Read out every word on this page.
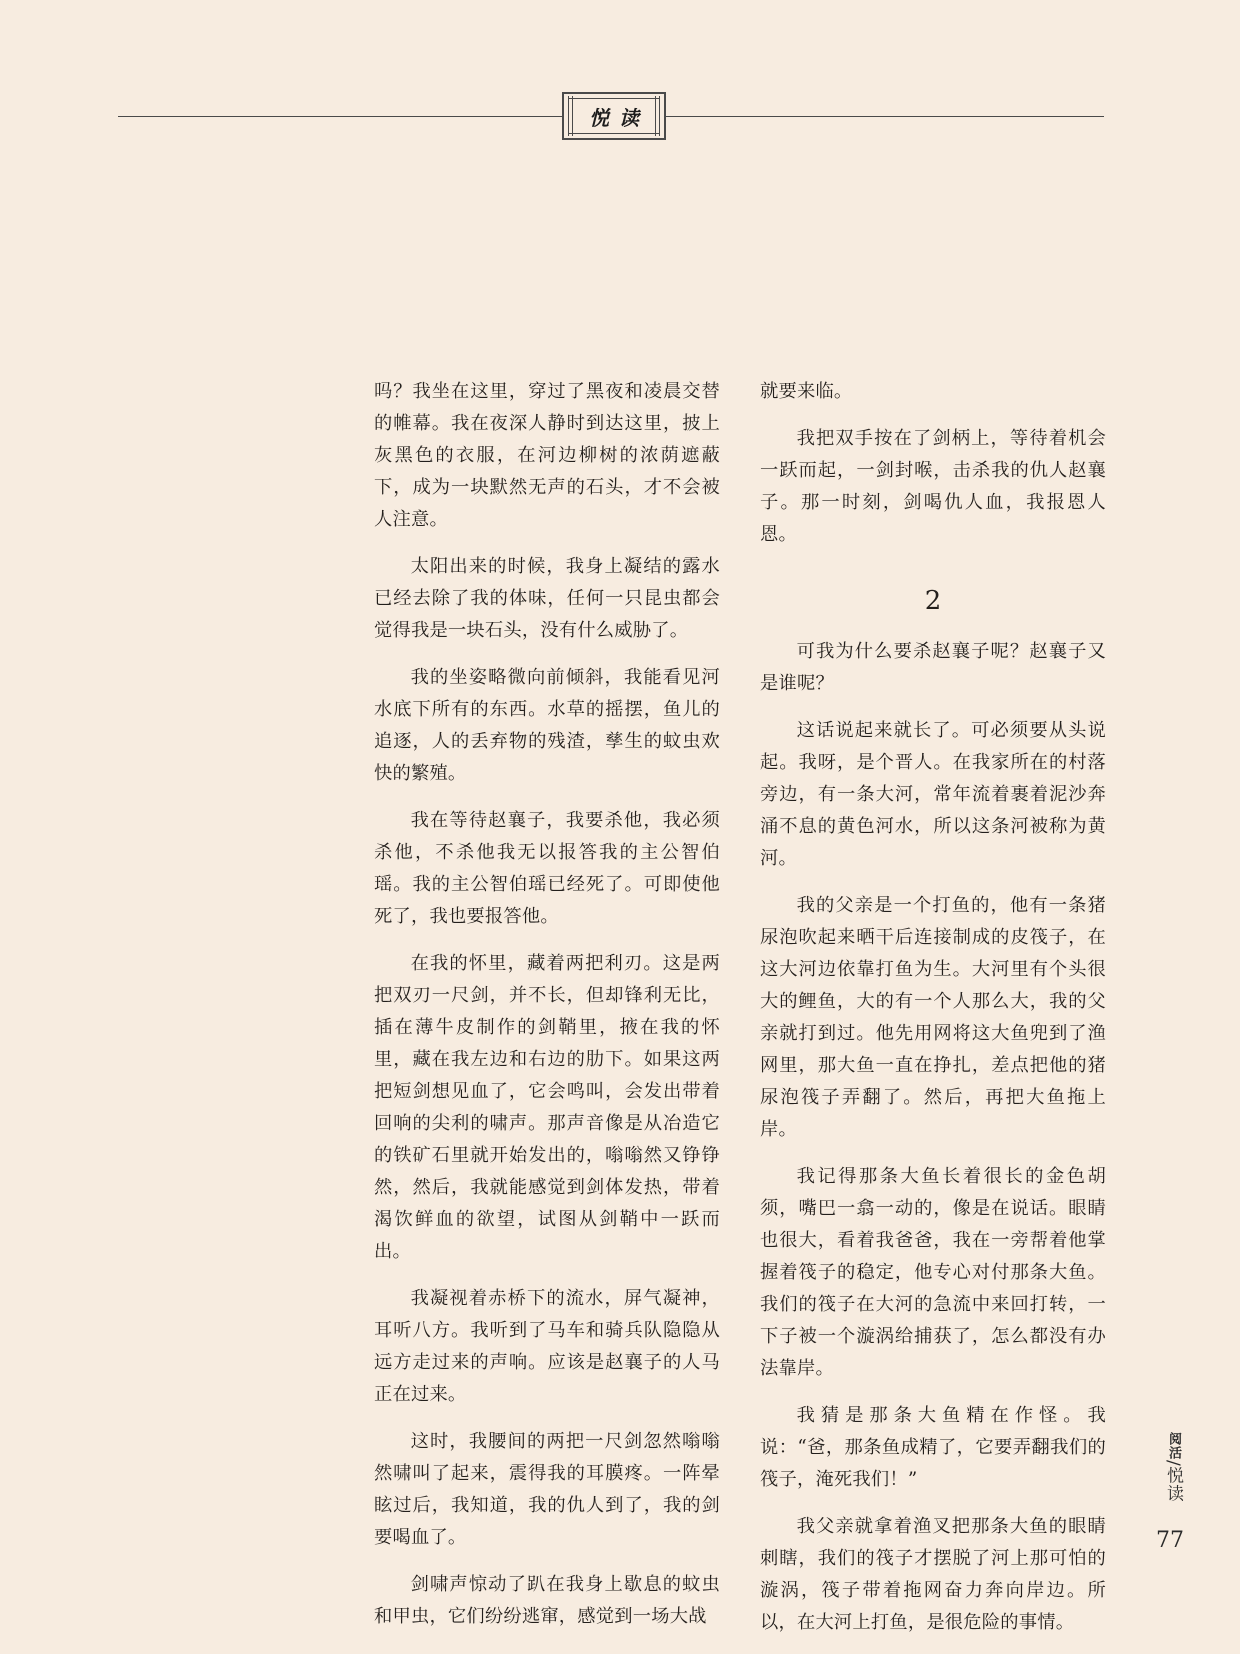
悦读

吗？我坐在这里，穿过了黑夜和凌晨交替的帷幕。我在夜深人静时到达这里，披上灰黑色的衣服，在河边柳树的浓荫遮蔽下，成为一块默然无声的石头，才不会被人注意。

太阳出来的时候，我身上凝结的露水已经去除了我的体味，任何一只昆虫都会觉得我是一块石头，没有什么威胁了。

我的坐姿略微向前倾斜，我能看见河水底下所有的东西。水草的摇摆，鱼儿的追逐，人的丢弃物的残渣，孳生的蚊虫欢快的繁殖。

我在等待赵襄子，我要杀他，我必须杀他，不杀他我无以报答我的主公智伯瑶。我的主公智伯瑶已经死了。可即使他死了，我也要报答他。

在我的怀里，藏着两把利刃。这是两把双刃一尺剑，并不长，但却锋利无比，插在薄牛皮制作的剑鞘里，掖在我的怀里，藏在我左边和右边的肋下。如果这两把短剑想见血了，它会鸣叫，会发出带着回响的尖利的啸声。那声音像是从冶造它的铁矿石里就开始发出的，嗡嗡然又铮铮然，然后，我就能感觉到剑体发热，带着渴饮鲜血的欲望，试图从剑鞘中一跃而出。

我凝视着赤桥下的流水，屏气凝神，耳听八方。我听到了马车和骑兵队隐隐从远方走过来的声响。应该是赵襄子的人马正在过来。

这时，我腰间的两把一尺剑忽然嗡嗡然啸叫了起来，震得我的耳膜疼。一阵晕眩过后，我知道，我的仇人到了，我的剑要喝血了。

剑啸声惊动了趴在我身上歇息的蚊虫和甲虫，它们纷纷逃窜，感觉到一场大战

就要来临。

我把双手按在了剑柄上，等待着机会一跃而起，一剑封喉，击杀我的仇人赵襄子。那一时刻，剑喝仇人血，我报恩人恩。

2

可我为什么要杀赵襄子呢？赵襄子又是谁呢？

这话说起来就长了。可必须要从头说起。我呀，是个晋人。在我家所在的村落旁边，有一条大河，常年流着裹着泥沙奔涌不息的黄色河水，所以这条河被称为黄河。

我的父亲是一个打鱼的，他有一条猪尿泡吹起来晒干后连接制成的皮筏子，在这大河边依靠打鱼为生。大河里有个头很大的鲤鱼，大的有一个人那么大，我的父亲就打到过。他先用网将这大鱼兜到了渔网里，那大鱼一直在挣扎，差点把他的猪尿泡筏子弄翻了。然后，再把大鱼拖上岸。

我记得那条大鱼长着很长的金色胡须，嘴巴一翕一动的，像是在说话。眼睛也很大，看着我爸爸，我在一旁帮着他掌握着筏子的稳定，他专心对付那条大鱼。我们的筏子在大河的急流中来回打转，一下子被一个漩涡给捕获了，怎么都没有办法靠岸。

我猜是那条大鱼精在作怪。我说：“爸，那条鱼成精了，它要弄翻我们的筏子，淹死我们！”

我父亲就拿着渔叉把那条大鱼的眼睛刺瞎，我们的筏子才摆脱了河上那可怕的漩涡，筏子带着拖网奋力奔向岸边。所以，在大河上打鱼，是很危险的事情。

阅活/悦读
77
